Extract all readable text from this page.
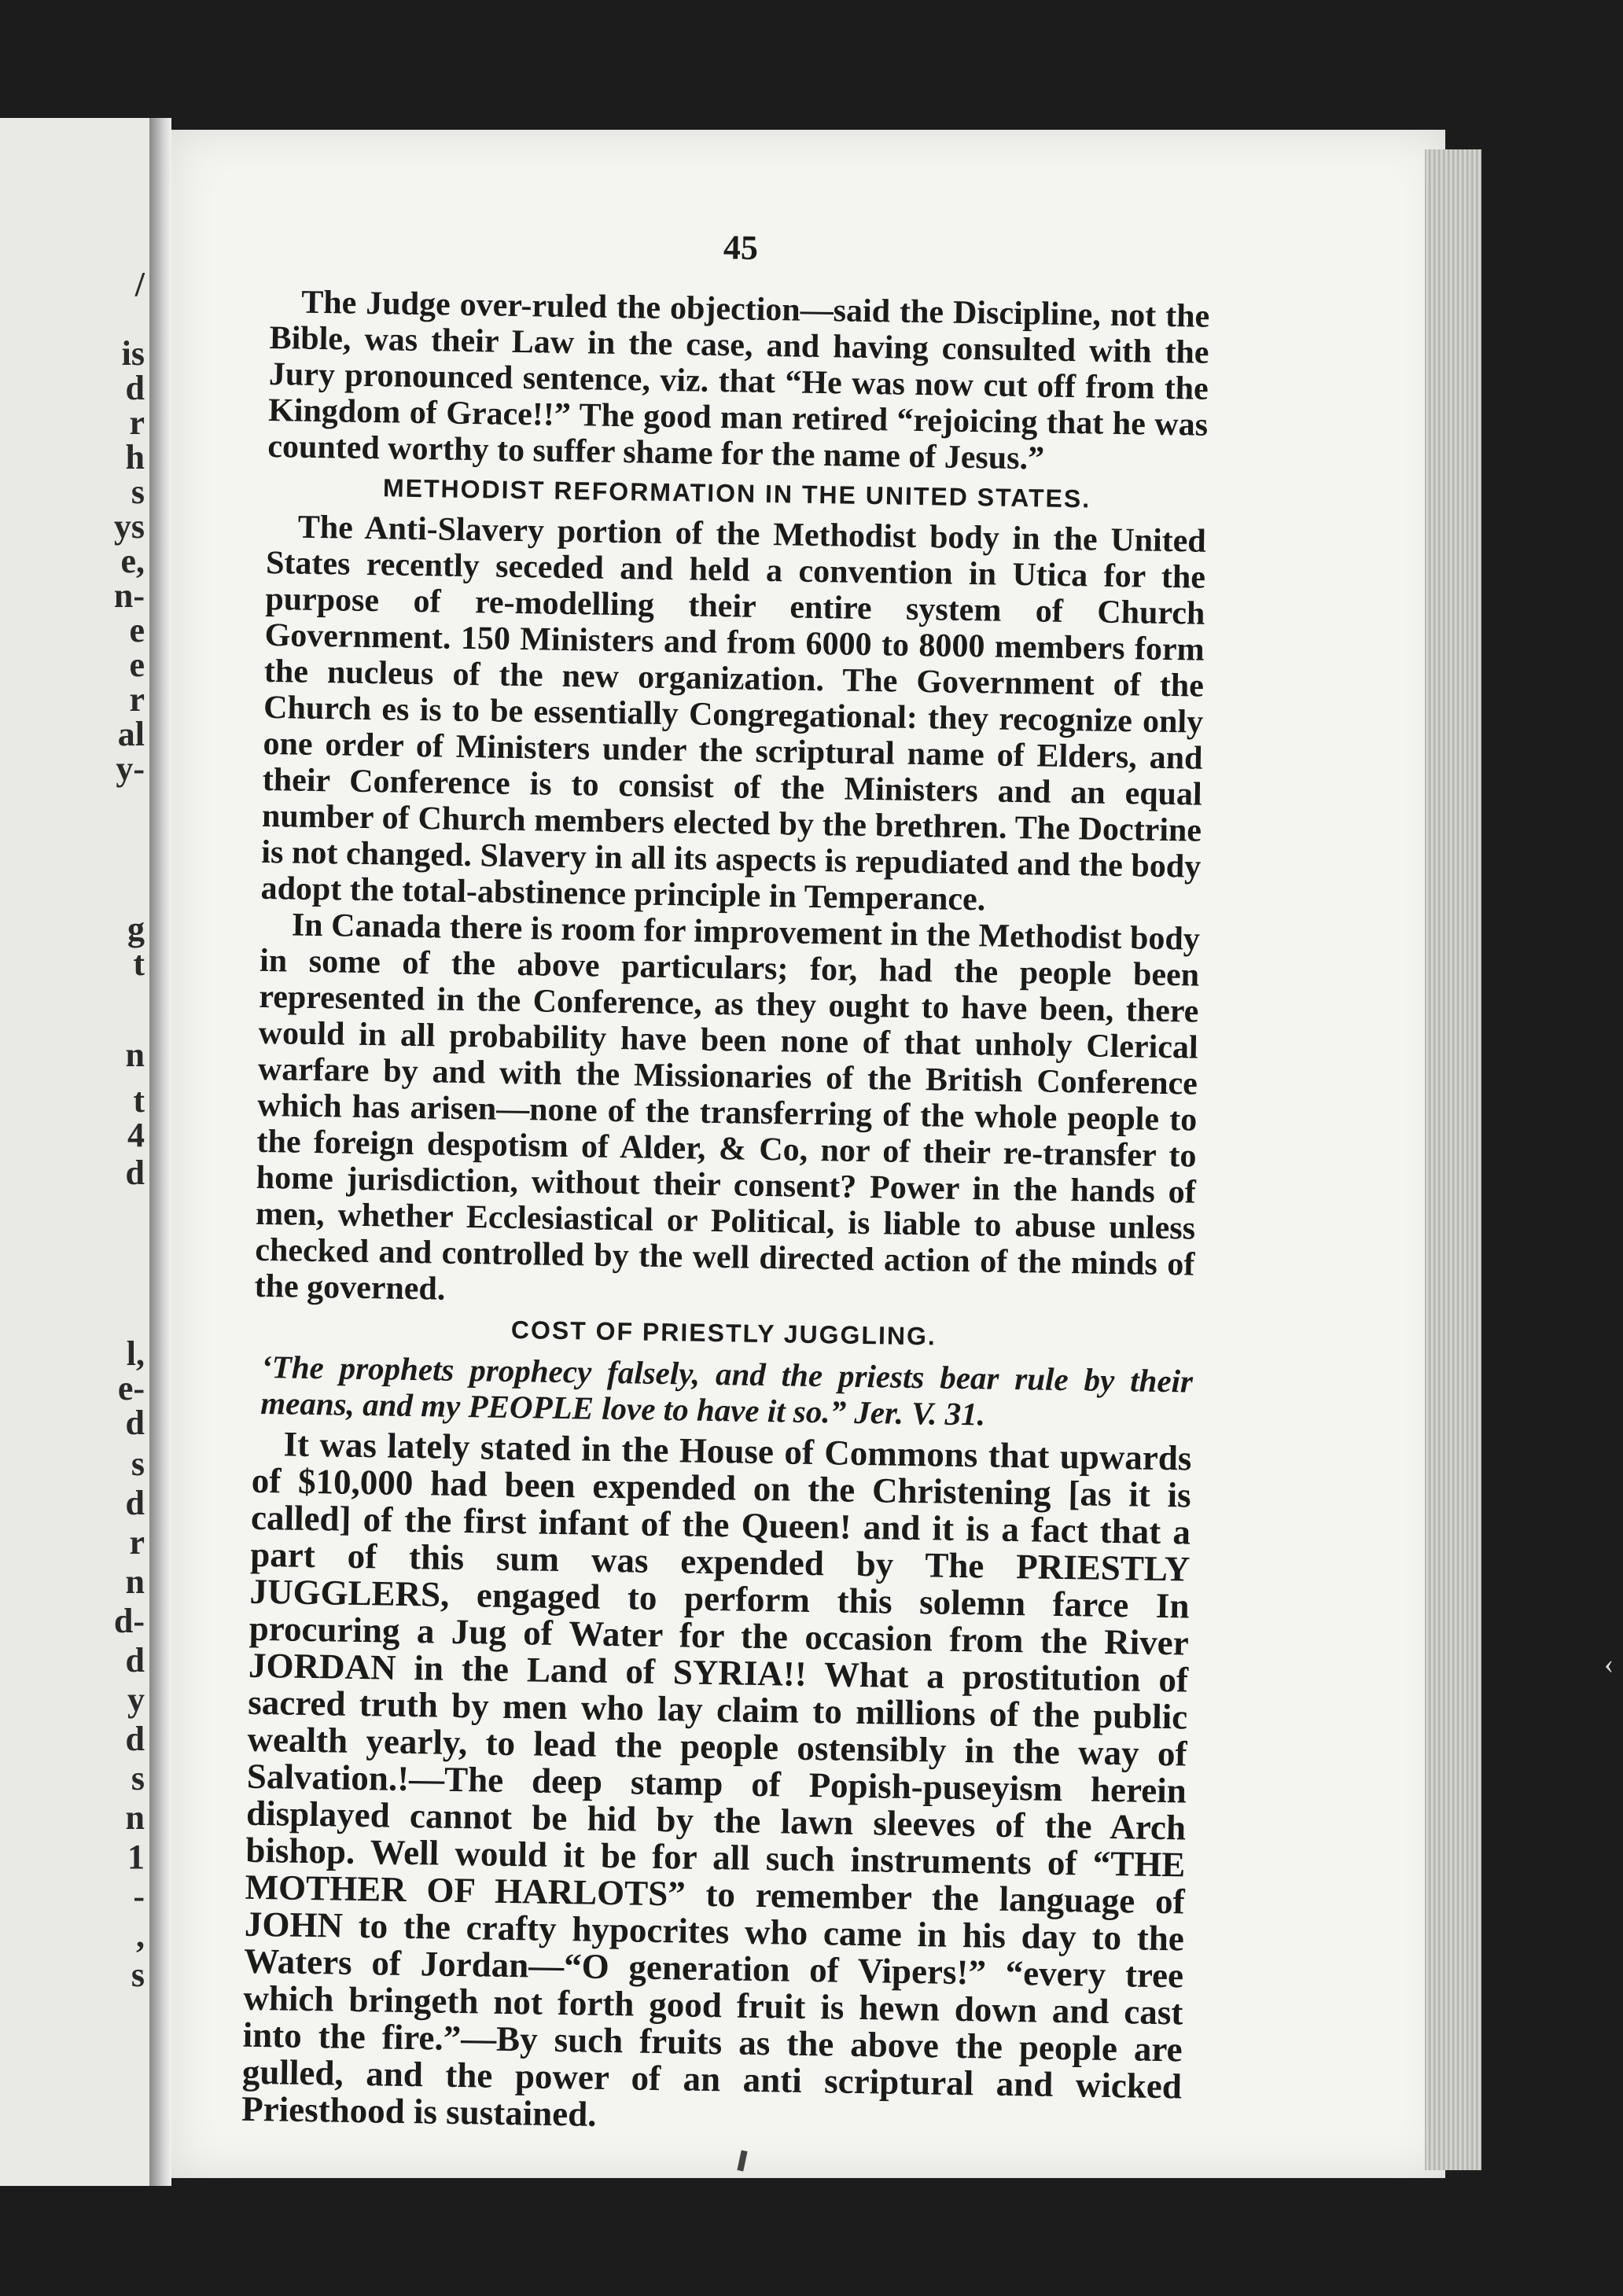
/
is
d
r
h
s
ys
e,
n-
e
e
r
al
y-
g
t
n
t
4
d
l,
e-
d
s
d
r
n
d-
d
y
d
s
n
1
-
,
s
45

The Judge over-ruled the objection—said the Discipline, not the Bible, was their Law in the case, and having consulted with the Jury pronounced sentence, viz. that “He was now cut off from the Kingdom of Grace!!” The good man retired “rejoicing that he was counted worthy to suffer shame for the name of Jesus.”

METHODIST REFORMATION IN THE UNITED STATES.

The Anti-Slavery portion of the Methodist body in the United States recently seceded and held a convention in Utica for the purpose of re-modelling their entire system of Church Government. 150 Ministers and from 6000 to 8000 members form the nucleus of the new organization. The Government of the Church es is to be essentially Congregational: they recognize only one order of Ministers under the scriptural name of Elders, and their Conference is to consist of the Ministers and an equal number of Church members elected by the brethren. The Doctrine is not changed. Slavery in all its aspects is repudiated and the body adopt the total-abstinence principle in Temperance.

In Canada there is room for improvement in the Methodist body in some of the above particulars; for, had the people been represented in the Conference, as they ought to have been, there would in all probability have been none of that unholy Clerical warfare by and with the Missionaries of the British Conference which has arisen—none of the transferring of the whole people to the foreign despotism of Alder, & Co, nor of their re-transfer to home jurisdiction, without their consent? Power in the hands of men, whether Ecclesiastical or Political, is liable to abuse unless checked and controlled by the well directed action of the minds of the governed.

COST OF PRIESTLY JUGGLING.

‘The prophets prophecy falsely, and the priests bear rule by their means, and my PEOPLE love to have it so.” Jer. V. 31.

It was lately stated in the House of Commons that upwards of $10,000 had been expended on the Christening [as it is called] of the first infant of the Queen! and it is a fact that a part of this sum was expended by The PRIESTLY JUGGLERS, engaged to perform this solemn farce In procuring a Jug of Water for the occasion from the River JORDAN in the Land of SYRIA!! What a prostitution of sacred truth by men who lay claim to millions of the public wealth yearly, to lead the people ostensibly in the way of Salvation.!—The deep stamp of Popish-puseyism herein displayed cannot be hid by the lawn sleeves of the Arch bishop. Well would it be for all such instruments of “THE MOTHER OF HARLOTS” to remember the language of JOHN to the crafty hypocrites who came in his day to the Waters of Jordan—“O generation of Vipers!” “every tree which bringeth not forth good fruit is hewn down and cast into the fire.”—By such fruits as the above the people are gulled, and the power of an anti scriptural and wicked Priesthood is sustained.

‹
